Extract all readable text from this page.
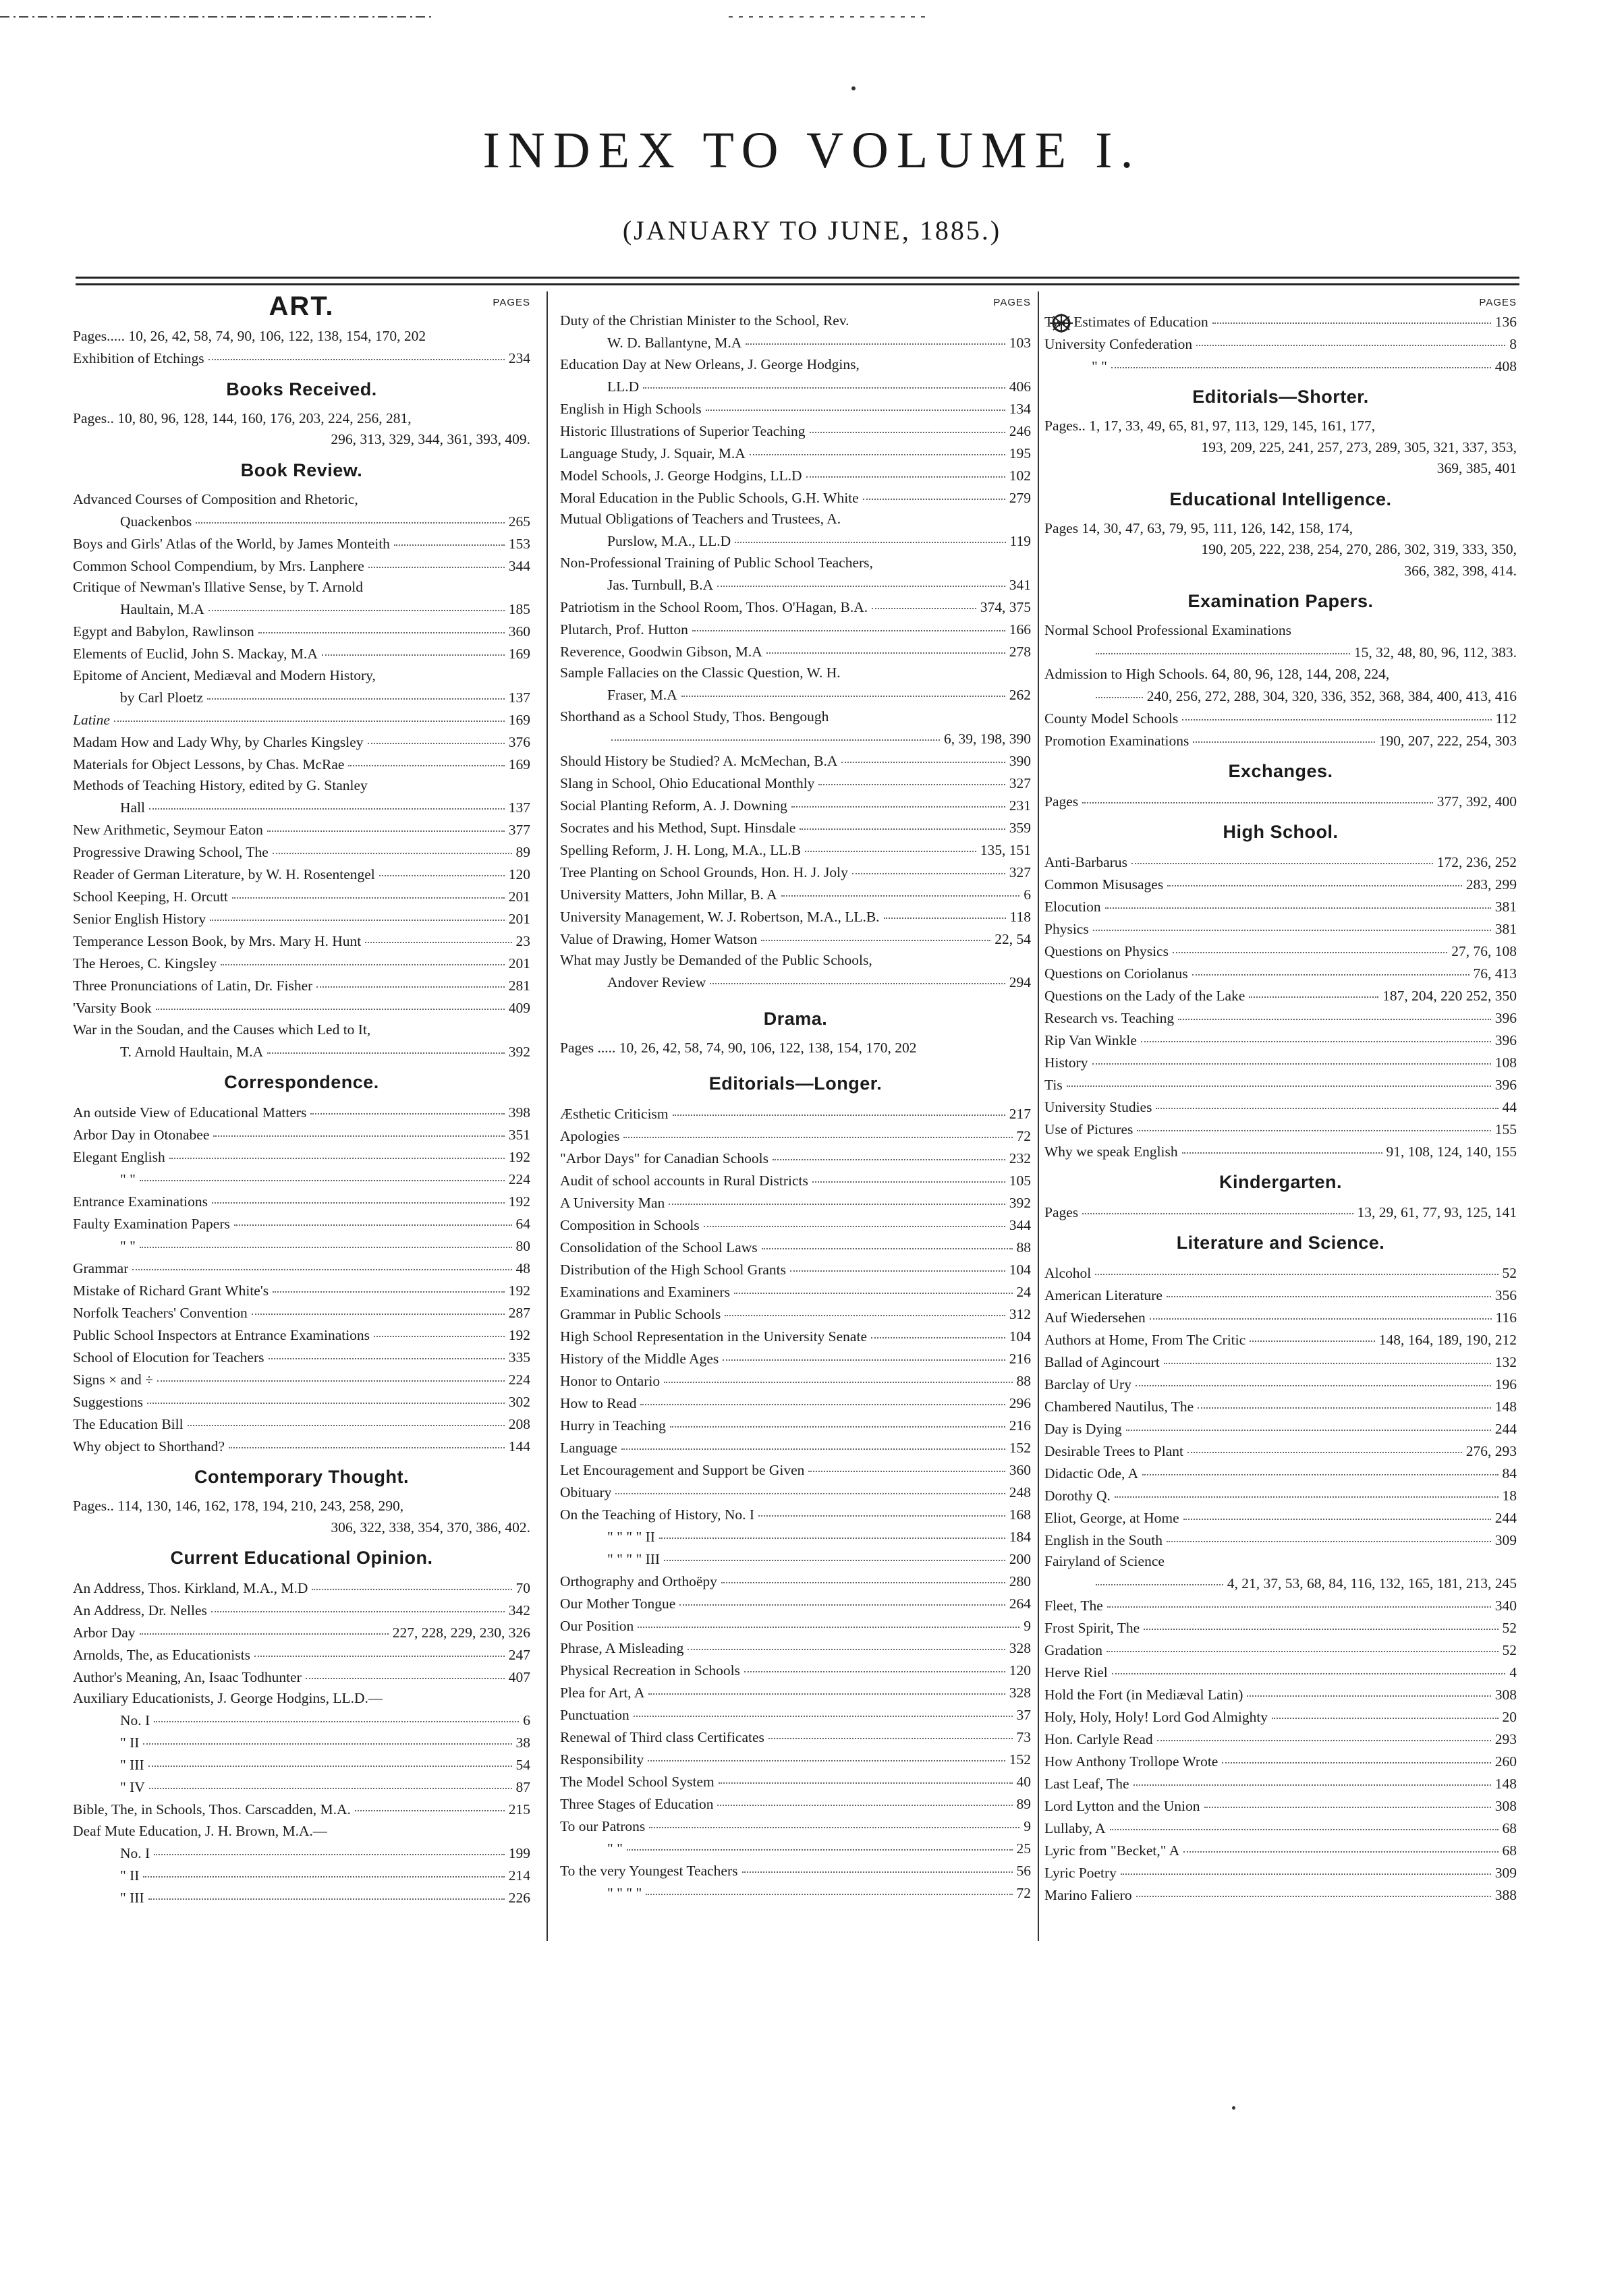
INDEX TO VOLUME I.
(JANUARY TO JUNE, 1885.)
PAGES
ART.
Pages..... 10, 26, 42, 58, 74, 90, 106, 122, 138, 154, 170, 202
Exhibition of Etchings	234
Books Received.
Pages.. 10, 80, 96, 128, 144, 160, 176, 203, 224, 256, 281,
296, 313, 329, 344, 361, 393, 409.
Book Review.
Advanced Courses of Composition and Rhetoric,
Quackenbos	265
Boys and Girls' Atlas of the World, by James Monteith	153
Common School Compendium, by Mrs. Lanphere	344
Critique of Newman's Illative Sense, by T. Arnold
Haultain, M.A	185
Egypt and Babylon, Rawlinson	360
Elements of Euclid, John S. Mackay, M.A	169
Epitome of Ancient, Mediæval and Modern History,
by Carl Ploetz	137
Latine	169
Madam How and Lady Why, by Charles Kingsley	376
Materials for Object Lessons, by Chas. McRae	169
Methods of Teaching History, edited by G. Stanley
Hall	137
New Arithmetic, Seymour Eaton	377
Progressive Drawing School, The	89
Reader of German Literature, by W. H. Rosentengel	120
School Keeping, H. Orcutt	201
Senior English History	201
Temperance Lesson Book, by Mrs. Mary H. Hunt	23
The Heroes, C. Kingsley	201
Three Pronunciations of Latin, Dr. Fisher	281
'Varsity Book	409
War in the Soudan, and the Causes which Led to It,
T. Arnold Haultain, M.A	392
Correspondence.
An outside View of Educational Matters	398
Arbor Day in Otonabee	351
Elegant English	192
" "	224
Entrance Examinations	192
Faulty Examination Papers	64
" "	80
Grammar	48
Mistake of Richard Grant White's	192
Norfolk Teachers' Convention	287
Public School Inspectors at Entrance Examinations	192
School of Elocution for Teachers	335
Signs × and ÷	224
Suggestions	302
The Education Bill	208
Why object to Shorthand?	144
Contemporary Thought.
Pages.. 114, 130, 146, 162, 178, 194, 210, 243, 258, 290,
306, 322, 338, 354, 370, 386, 402.
Current Educational Opinion.
An Address, Thos. Kirkland, M.A., M.D	70
An Address, Dr. Nelles	342
Arbor Day	227, 228, 229, 230, 326
Arnolds, The, as Educationists	247
Author's Meaning, An, Isaac Todhunter	407
Auxiliary Educationists, J. George Hodgins, LL.D.—
No. I	6
" II	38
" III	54
" IV	87
Bible, The, in Schools, Thos. Carscadden, M.A.	215
Deaf Mute Education, J. H. Brown, M.A.—
No. I	199
" II	214
" III	226
PAGES
Duty of the Christian Minister to the School, Rev.
W. D. Ballantyne, M.A	103
Education Day at New Orleans, J. George Hodgins,
LL.D	406
English in High Schools	134
Historic Illustrations of Superior Teaching	246
Language Study, J. Squair, M.A	195
Model Schools, J. George Hodgins, LL.D	102
Moral Education in the Public Schools, G.H. White	279
Mutual Obligations of Teachers and Trustees, A.
Purslow, M.A., LL.D	119
Non-Professional Training of Public School Teachers,
Jas. Turnbull, B.A	341
Patriotism in the School Room, Thos. O'Hagan, B.A.	374, 375
Plutarch, Prof. Hutton	166
Reverence, Goodwin Gibson, M.A	278
Sample Fallacies on the Classic Question, W. H.
Fraser, M.A	262
Shorthand as a School Study, Thos. Bengough
6, 39, 198, 390
Should History be Studied? A. McMechan, B.A	390
Slang in School, Ohio Educational Monthly	327
Social Planting Reform, A. J. Downing	231
Socrates and his Method, Supt. Hinsdale	359
Spelling Reform, J. H. Long, M.A., LL.B	135, 151
Tree Planting on School Grounds, Hon. H. J. Joly	327
University Matters, John Millar, B. A	6
University Management, W. J. Robertson, M.A., LL.B.	118
Value of Drawing, Homer Watson	22, 54
What may Justly be Demanded of the Public Schools,
Andover Review	294
Drama.
Pages ..... 10, 26, 42, 58, 74, 90, 106, 122, 138, 154, 170, 202
Editorials—Longer.
Æsthetic Criticism	217
Apologies	72
"Arbor Days" for Canadian Schools	232
Audit of school accounts in Rural Districts	105
A University Man	392
Composition in Schools	344
Consolidation of the School Laws	88
Distribution of the High School Grants	104
Examinations and Examiners	24
Grammar in Public Schools	312
High School Representation in the University Senate	104
History of the Middle Ages	216
Honor to Ontario	88
How to Read	296
Hurry in Teaching	216
Language	152
Let Encouragement and Support be Given	360
Obituary	248
On the Teaching of History, No. I	168
" " " " II	184
" " " " III	200
Orthography and Orthoëpy	280
Our Mother Tongue	264
Our Position	9
Phrase, A Misleading	328
Physical Recreation in Schools	120
Plea for Art, A	328
Punctuation	37
Renewal of Third class Certificates	73
Responsibility	152
The Model School System	40
Three Stages of Education	89
To our Patrons	9
" "	25
To the very Youngest Teachers	56
" " " "	72
PAGES
Two Estimates of Education	136
University Confederation	8
" "	408
Editorials—Shorter.
Pages.. 1, 17, 33, 49, 65, 81, 97, 113, 129, 145, 161, 177,
193, 209, 225, 241, 257, 273, 289, 305, 321, 337, 353,
369, 385, 401
Educational Intelligence.
Pages 14, 30, 47, 63, 79, 95, 111, 126, 142, 158, 174,
190, 205, 222, 238, 254, 270, 286, 302, 319, 333, 350,
366, 382, 398, 414.
Examination Papers.
Normal School Professional Examinations
15, 32, 48, 80, 96, 112, 383.
Admission to High Schools. 64, 80, 96, 128, 144, 208, 224,
240, 256, 272, 288, 304, 320, 336, 352, 368, 384, 400, 413, 416
County Model Schools	112
Promotion Examinations	190, 207, 222, 254, 303
Exchanges.
Pages	377, 392, 400
High School.
Anti-Barbarus	172, 236, 252
Common Misusages	283, 299
Elocution	381
Physics	381
Questions on Physics	27, 76, 108
Questions on Coriolanus	76, 413
Questions on the Lady of the Lake	187, 204, 220 252, 350
Research vs. Teaching	396
Rip Van Winkle	396
History	108
Tis	396
University Studies	44
Use of Pictures	155
Why we speak English	91, 108, 124, 140, 155
Kindergarten.
Pages	13, 29, 61, 77, 93, 125, 141
Literature and Science.
Alcohol	52
American Literature	356
Auf Wiedersehen	116
Authors at Home, From The Critic	148, 164, 189, 190, 212
Ballad of Agincourt	132
Barclay of Ury	196
Chambered Nautilus, The	148
Day is Dying	244
Desirable Trees to Plant	276, 293
Didactic Ode, A	84
Dorothy Q.	18
Eliot, George, at Home	244
English in the South	309
Fairyland of Science
4, 21, 37, 53, 68, 84, 116, 132, 165, 181, 213, 245
Fleet, The	340
Frost Spirit, The	52
Gradation	52
Herve Riel	4
Hold the Fort (in Mediæval Latin)	308
Holy, Holy, Holy! Lord God Almighty	20
Hon. Carlyle Read	293
How Anthony Trollope Wrote	260
Last Leaf, The	148
Lord Lytton and the Union	308
Lullaby, A	68
Lyric from "Becket," A	68
Lyric Poetry	309
Marino Faliero	388
